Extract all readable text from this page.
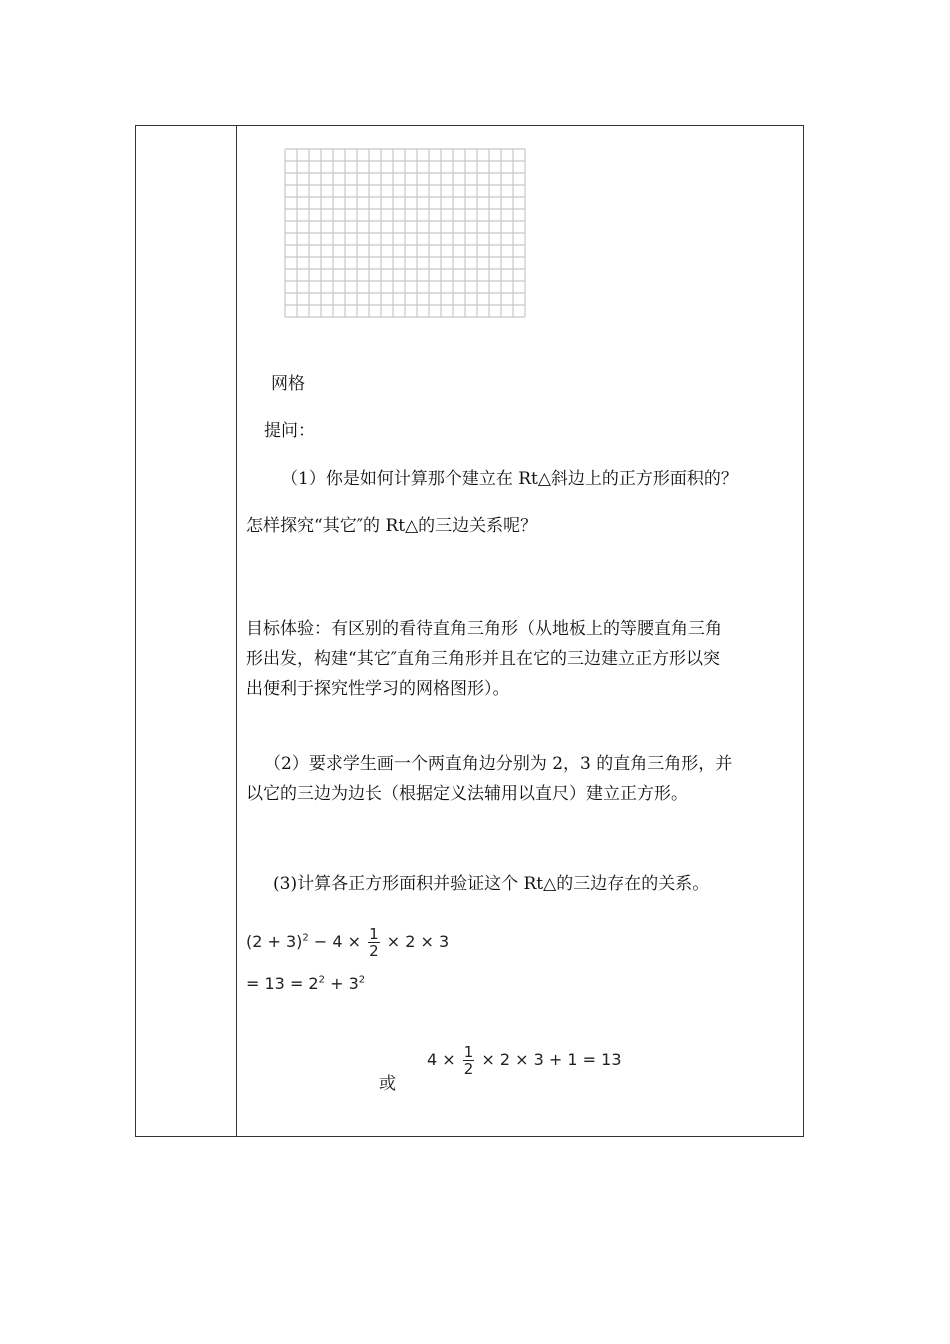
网格
提问：
（1）你是如何计算那个建立在 Rt△斜边上的正方形面积的？
怎样探究“其它″的 Rt△的三边关系呢？
目标体验：有区别的看待直角三角形（从地板上的等腰直角三角
形出发，构建“其它″直角三角形并且在它的三边建立正方形以突
出便利于探究性学习的网格图形）。
（2）要求学生画一个两直角边分别为 2，3 的直角三角形，并
以它的三边为边长（根据定义法辅用以直尺）建立正方形。
(3)计算各正方形面积并验证这个 Rt△的三边存在的关系。
$(2 + 3)^2 - 4 \times \frac{1}{2} \times 2 \times 3$
= $13 = 2^2 + 3^2$
或
$4 \times \frac{1}{2} \times 2 \times 3 + 1 = 13$
